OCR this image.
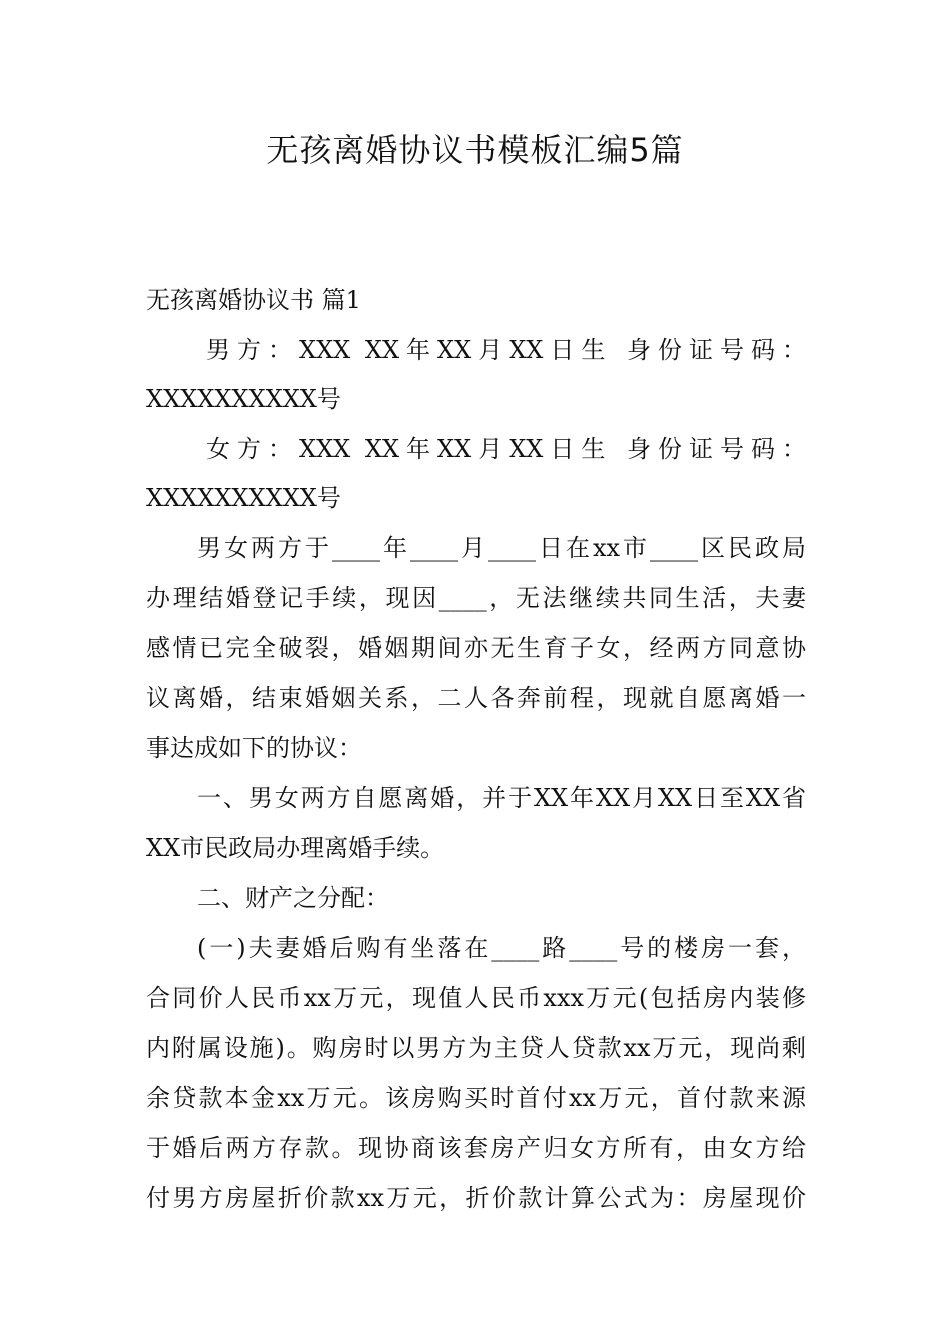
无孩离婚协议书模板汇编5篇
无孩离婚协议书 篇1
男方：XXX XX年XX月XX日生 身份证号码：
XXXXXXXXXX号
女方：XXX XX年XX月XX日生 身份证号码：
XXXXXXXXXX号
男女两方于____年____月____日在xx市____区民政局
办理结婚登记手续，现因____，无法继续共同生活，夫妻
感情已完全破裂，婚姻期间亦无生育子女，经两方同意协
议离婚，结束婚姻关系，二人各奔前程，现就自愿离婚一
事达成如下的协议：
一、男女两方自愿离婚，并于XX年XX月XX日至XX省
XX市民政局办理离婚手续。
二、财产之分配：
(一)夫妻婚后购有坐落在____路____号的楼房一套，
合同价人民币xx万元，现值人民币xxx万元(包括房内装修
内附属设施)。购房时以男方为主贷人贷款xx万元，现尚剩
余贷款本金xx万元。该房购买时首付xx万元，首付款来源
于婚后两方存款。现协商该套房产归女方所有，由女方给
付男方房屋折价款xx万元，折价款计算公式为：房屋现价
